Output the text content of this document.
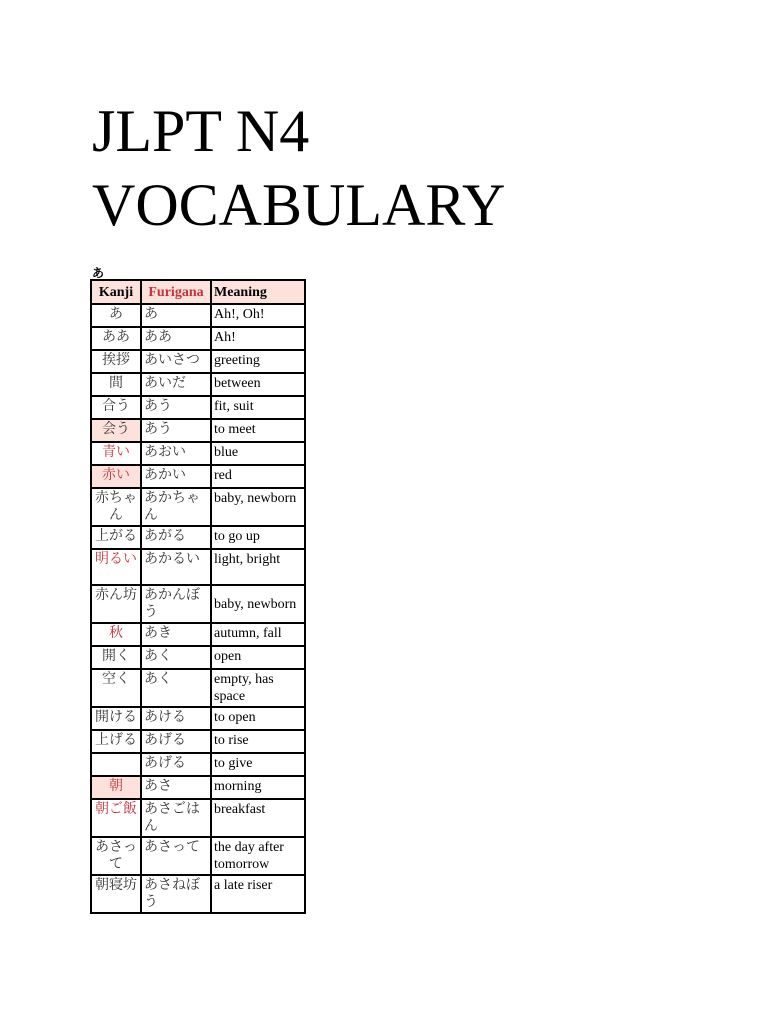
JLPT N4
VOCABULARY
あ
Kanji	Furigana	Meaning
あ	あ	Ah!, Oh!
ああ	ああ	Ah!
挨拶	あいさつ	greeting
間	あいだ	between
合う	あう	fit, suit
会う	あう	to meet
青い	あおい	blue
赤い	あかい	red
赤ちゃん	あかちゃん	baby, newborn
上がる	あがる	to go up
明るい	あかるい	light, bright
赤ん坊	あかんぼう	baby, newborn
秋	あき	autumn, fall
開く	あく	open
空く	あく	empty, has space
開ける	あける	to open
上げる	あげる	to rise
	あげる	to give
朝	あさ	morning
朝ご飯	あさごはん	breakfast
あさって	あさって	the day after tomorrow
朝寝坊	あさねぼう	a late riser
